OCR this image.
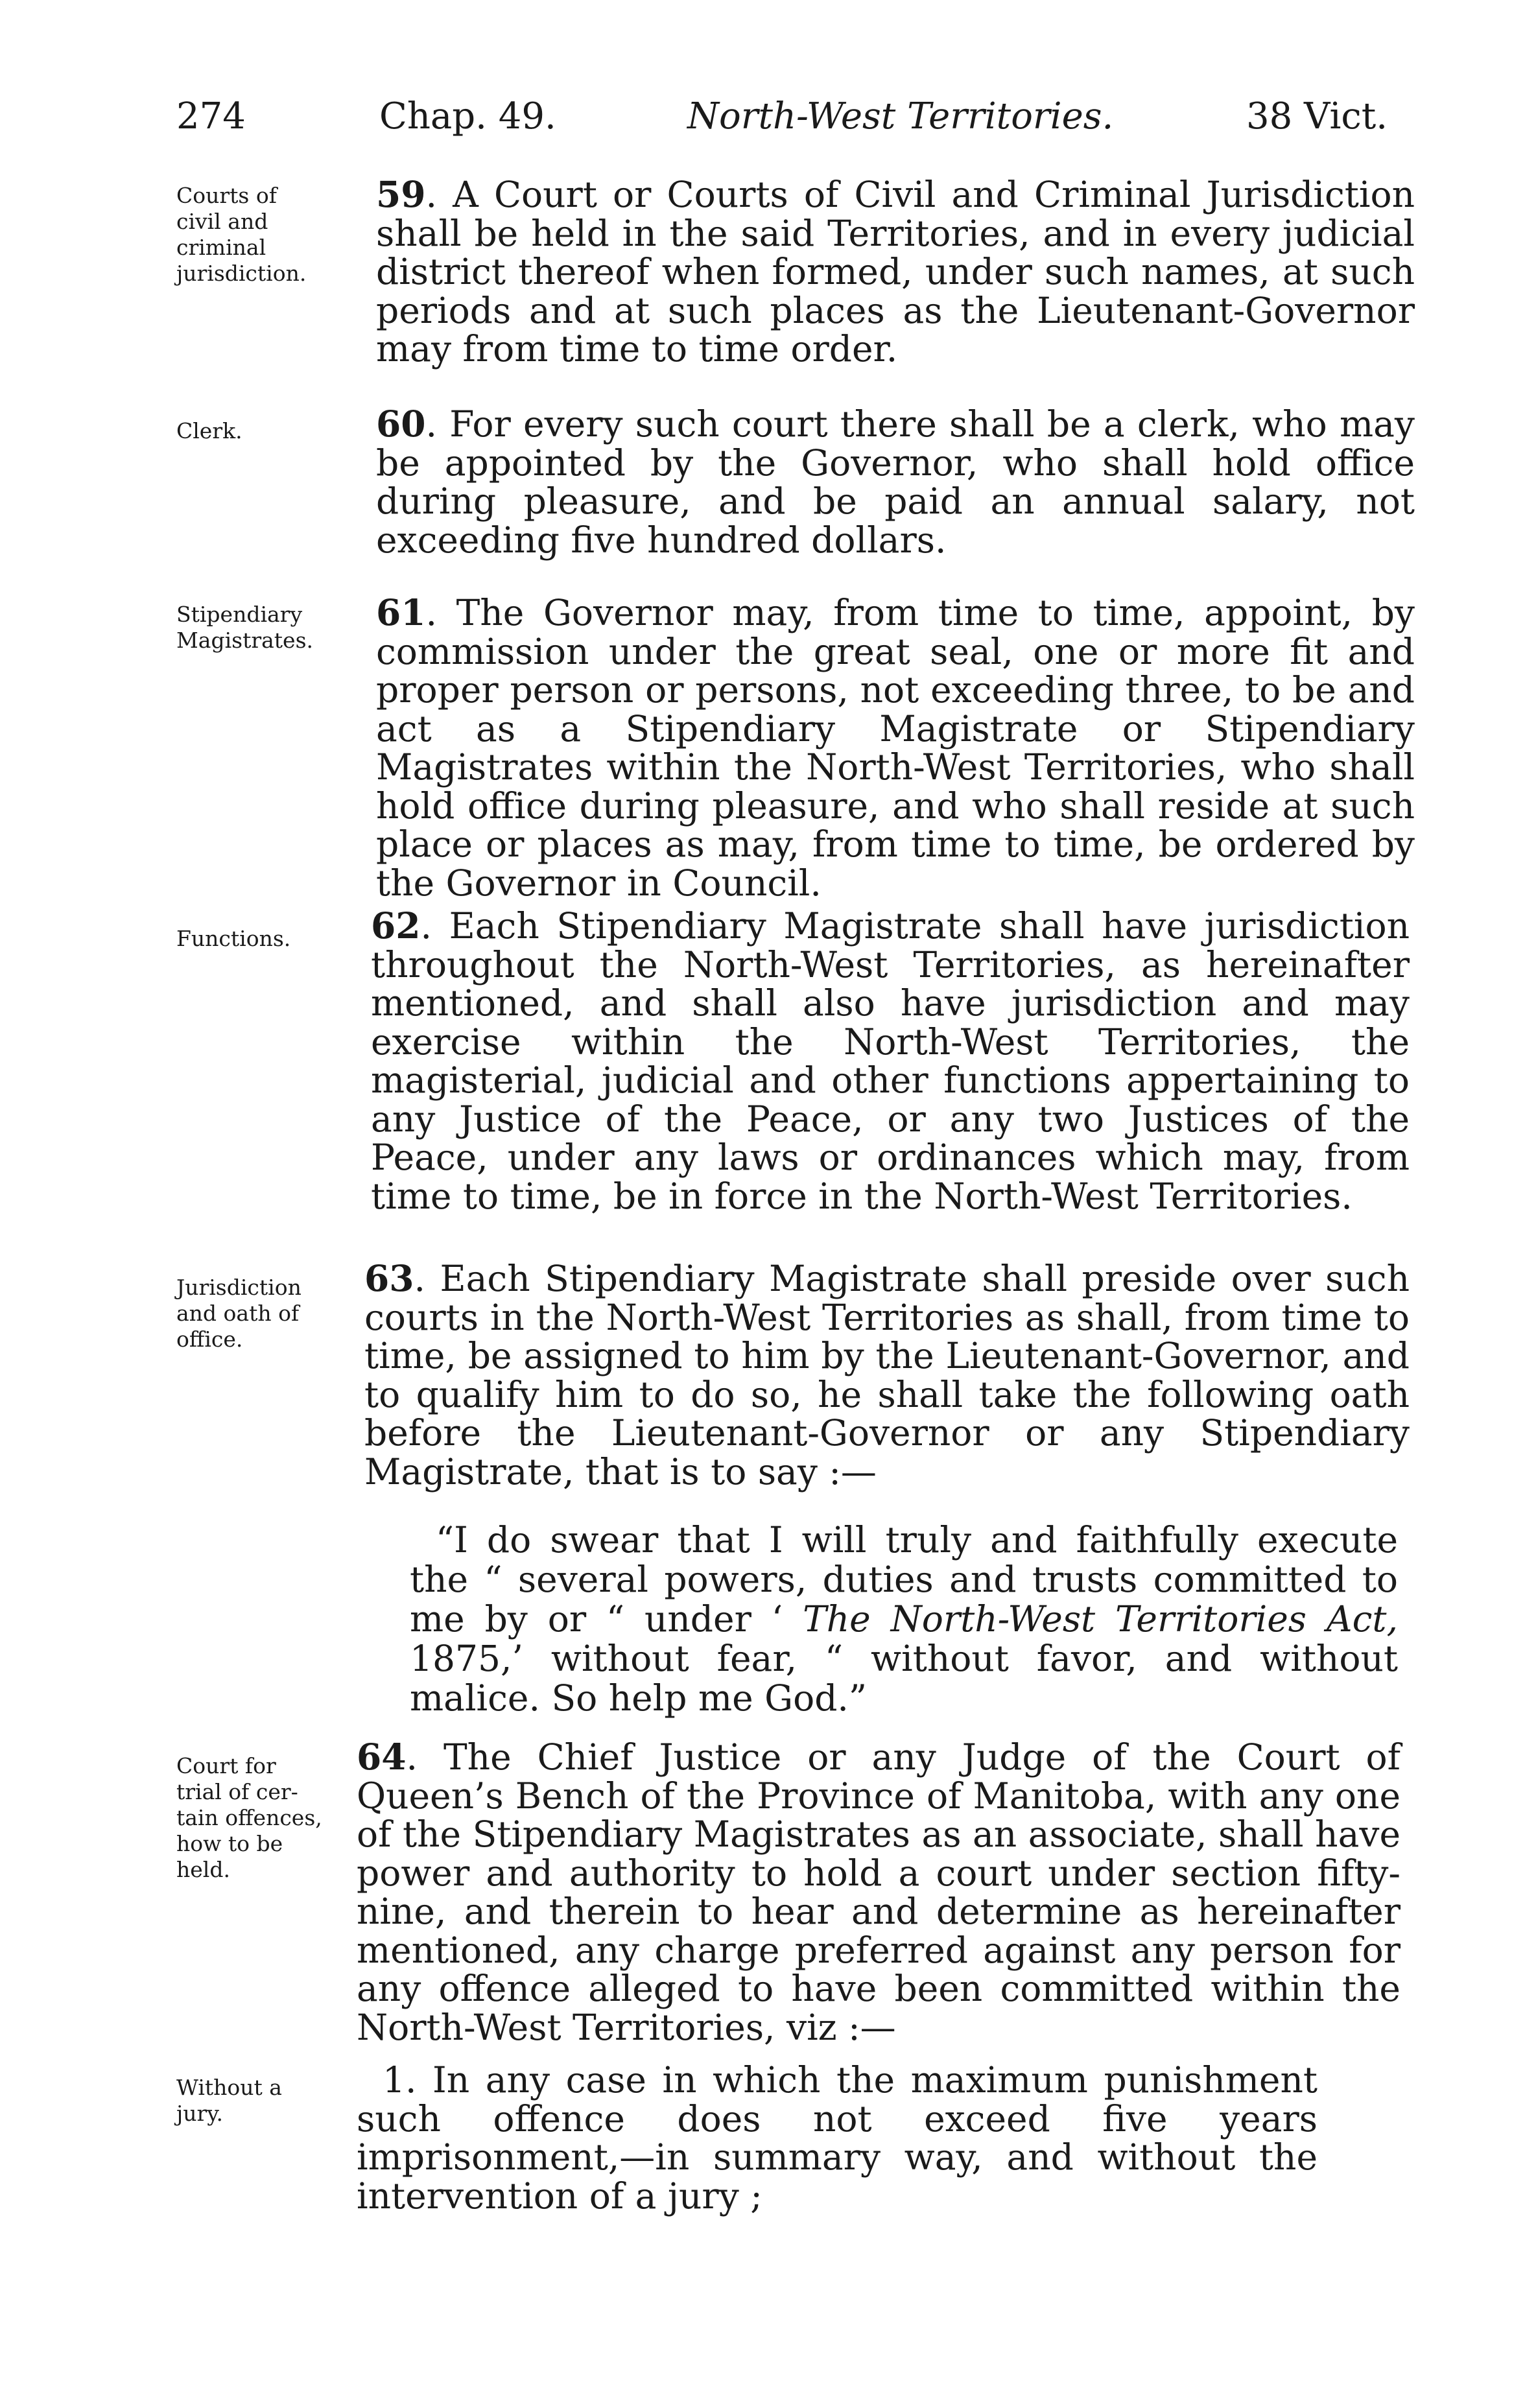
274	Chap. 49.	North-West Territories.	38 Vict.
Courts of
civil and
criminal
jurisdiction.
Clerk.
Stipendiary
Magistrates.
Functions.
Jurisdiction
and oath of
office.
Court for
trial of cer-
tain offences,
how to be
held.
Without a
jury.

59. A Court or Courts of Civil and Criminal Jurisdiction shall be held in the said Territories, and in every judicial district thereof when formed, under such names, at such periods and at such places as the Lieutenant-Governor may from time to time order.

60. For every such court there shall be a clerk, who may be appointed by the Governor, who shall hold office during pleasure, and be paid an annual salary, not exceeding five hundred dollars.

61. The Governor may, from time to time, appoint, by commission under the great seal, one or more fit and proper person or persons, not exceeding three, to be and act as a Stipendiary Magistrate or Stipendiary Magistrates within the North-West Territories, who shall hold office during pleasure, and who shall reside at such place or places as may, from time to time, be ordered by the Governor in Council.

62. Each Stipendiary Magistrate shall have jurisdiction throughout the North-West Territories, as hereinafter mentioned, and shall also have jurisdiction and may exercise within the North-West Territories, the magisterial, judicial and other functions appertaining to any Justice of the Peace, or any two Justices of the Peace, under any laws or ordinances which may, from time to time, be in force in the North-West Territories.

63. Each Stipendiary Magistrate shall preside over such courts in the North-West Territories as shall, from time to time, be assigned to him by the Lieutenant-Governor, and to qualify him to do so, he shall take the following oath before the Lieutenant-Governor or any Stipendiary Magistrate, that is to say :—

“I do swear that I will truly and faithfully execute the “ several powers, duties and trusts committed to me by or “ under ‘ The North-West Territories Act, 1875,’ without fear, “ without favor, and without malice. So help me God.”

64. The Chief Justice or any Judge of the Court of Queen’s Bench of the Province of Manitoba, with any one of the Stipendiary Magistrates as an associate, shall have power and authority to hold a court under section fifty-nine, and therein to hear and determine as hereinafter mentioned, any charge preferred against any person for any offence alleged to have been committed within the North-West Territories, viz :—

1. In any case in which the maximum punishment such offence does not exceed five years imprisonment,—in summary way, and without the intervention of a jury ;
